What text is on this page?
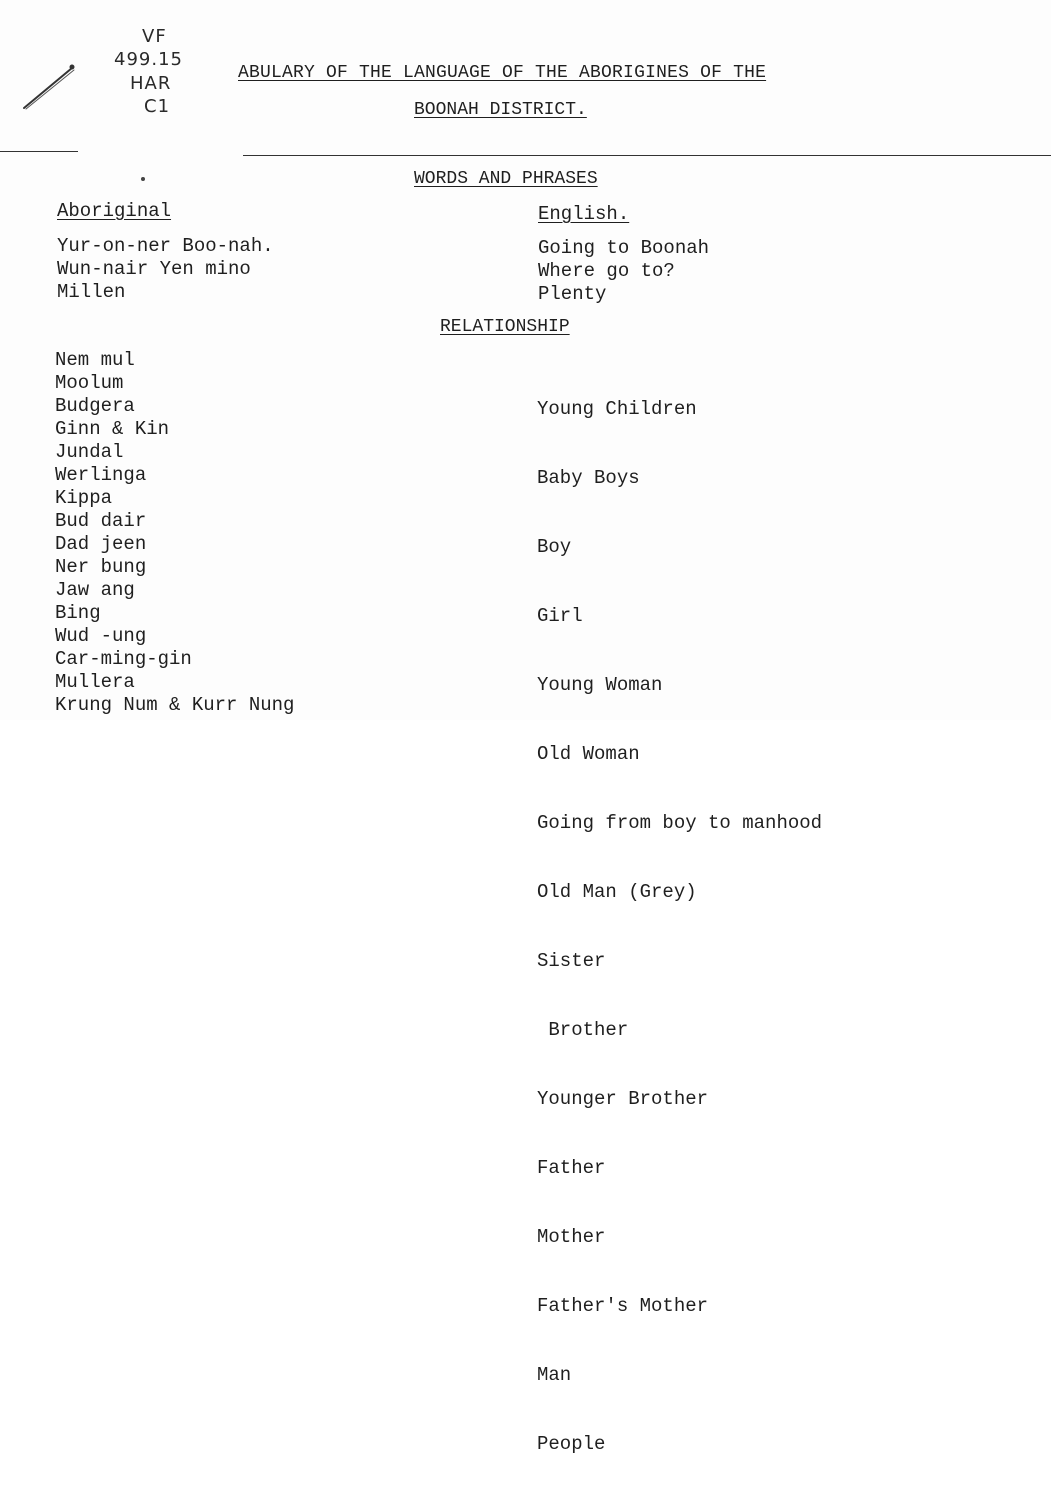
VF
499.15
HAR
C1
ABULARY OF THE LANGUAGE OF THE ABORIGINES OF THE
BOONAH DISTRICT.
WORDS AND PHRASES
Aboriginal	English.
Yur-on-ner Boo-nah.
Wun-nair Yen mino
Millen
Going to Boonah
Where go to?
Plenty
RELATIONSHIP
Nem mul
Moolum
Budgera
Ginn & Kin
Jundal
Werlinga
Kippa
Bud dair
Dad jeen
Ner bung
Jaw ang
Bing
Wud -ung
Car-ming-gin
Mullera
Krung Num & Kurr Nung

Young Children

Baby Boys

Boy

Girl

Young Woman

Old Woman

Going from boy to manhood

Old Man (Grey)

Sister

Brother

Younger Brother

Father

Mother

Father's Mother

Man

People
